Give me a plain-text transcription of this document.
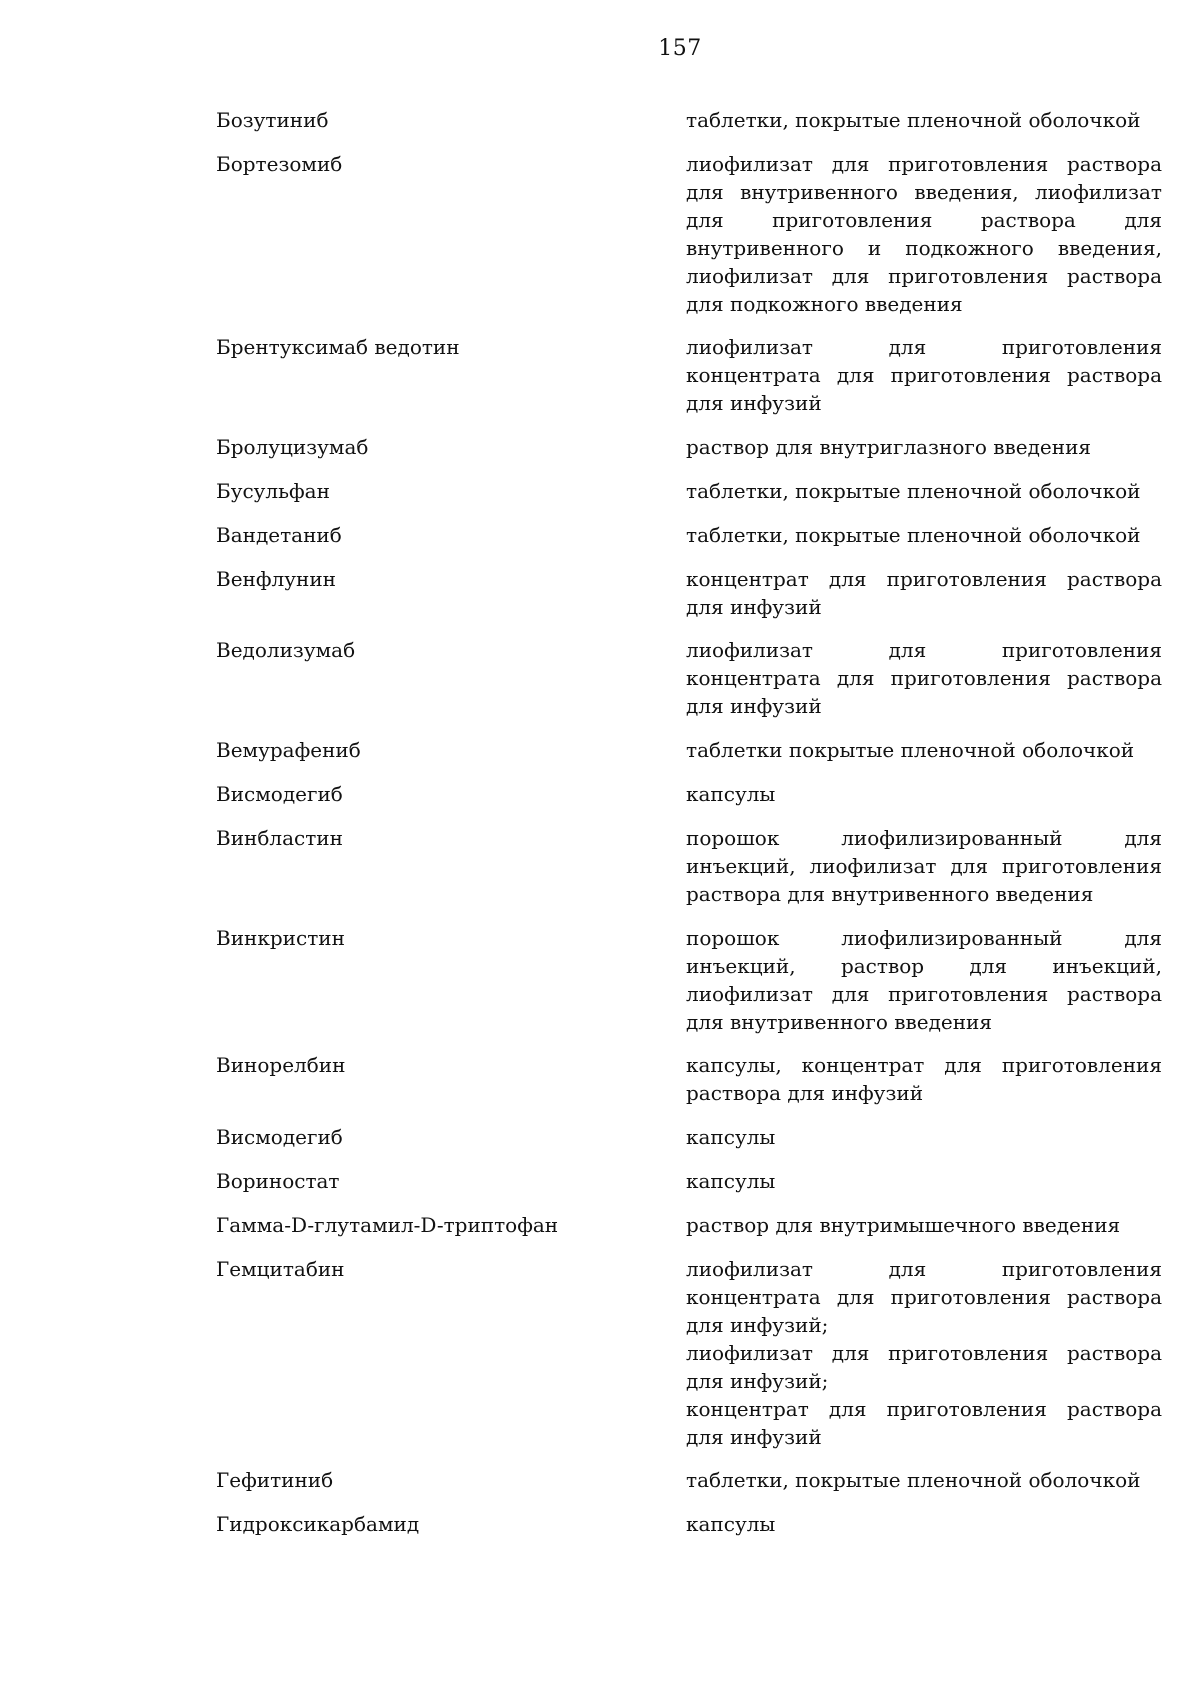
157
Бозутиниб	таблетки, покрытые пленочной оболочкой
Бортезомиб	лиофилизат для приготовления раствора для внутривенного введения, лиофилизат для приготовления раствора для внутривенного и подкожного введения, лиофилизат для приготовления раствора для подкожного введения
Брентуксимаб ведотин	лиофилизат для приготовления концентрата для приготовления раствора для инфузий
Бролуцизумаб	раствор для внутриглазного введения
Бусульфан	таблетки, покрытые пленочной оболочкой
Вандетаниб	таблетки, покрытые пленочной оболочкой
Венфлунин	концентрат для приготовления раствора для инфузий
Ведолизумаб	лиофилизат для приготовления концентрата для приготовления раствора для инфузий
Вемурафениб	таблетки покрытые пленочной оболочкой
Висмодегиб	капсулы
Винбластин	порошок лиофилизированный для инъекций, лиофилизат для приготовления раствора для внутривенного введения
Винкристин	порошок лиофилизированный для инъекций, раствор для инъекций, лиофилизат для приготовления раствора для внутривенного введения
Винорелбин	капсулы, концентрат для приготовления раствора для инфузий
Висмодегиб	капсулы
Вориностат	капсулы
Гамма-D-глутамил-D-триптофан	раствор для внутримышечного введения
Гемцитабин	лиофилизат для приготовления концентрата для приготовления раствора для инфузий;
лиофилизат для приготовления раствора для инфузий;
концентрат для приготовления раствора для инфузий
Гефитиниб	таблетки, покрытые пленочной оболочкой
Гидроксикарбамид	капсулы
